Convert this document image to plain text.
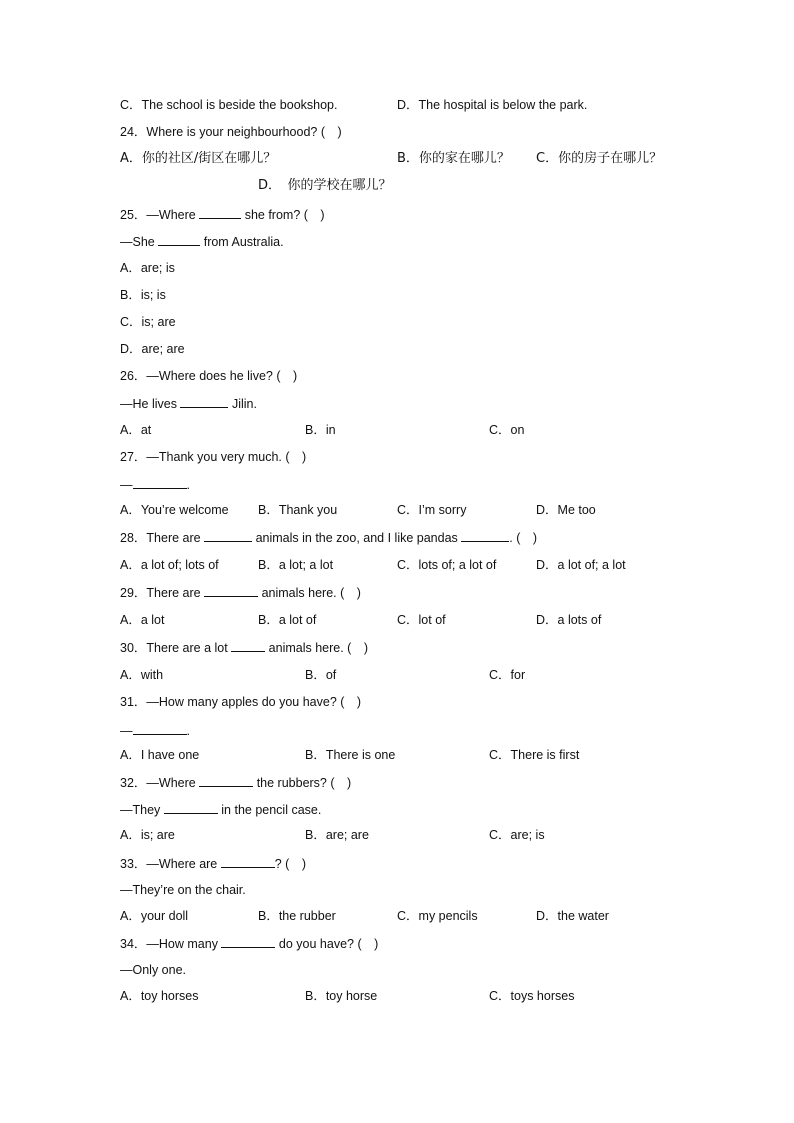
C．The school is beside the bookshop.	D．The hospital is below the park.
24．Where is your neighbourhood? (　)
A．你的社区/街区在哪儿？	B．你的家在哪儿？ C．你的房子在哪儿？
D．　你的学校在哪儿？
25．—Where	she from? (　)
—She	from Australia.
A．are; is
B．is; is
C．is; are
D．are; are
26．—Where does he live? (　)
—He lives	Jilin.
A．at	B．in	C．on
27．—Thank you very much. (　)
—	.
A．You’re welcome B．Thank you	C．I’m sorry	D．Me too
28．There are	animals in the zoo, and I like pandas	. (　)
A．a lot of; lots of	B．a lot; a lot	C．lots of; a lot of	D．a lot of; a lot
29．There are	animals here. (　)
A．a lot	B．a lot of	C．lot of	D．a lots of
30．There are a lot	animals here. (　)
A．with	B．of	C．for
31．—How many apples do you have? (　)
—	.
A．I have one	B．There is one	C．There is first
32．—Where	the rubbers? (　)
—They	in the pencil case.
A．is; are	B．are; are	C．are; is
33．—Where are	? (　)
—They’re on the chair.
A．your doll	B．the rubber	C．my pencils	D．the water
34．—How many	do you have? (　)
—Only one.
A．toy horses	B．toy horse	C．toys horses
